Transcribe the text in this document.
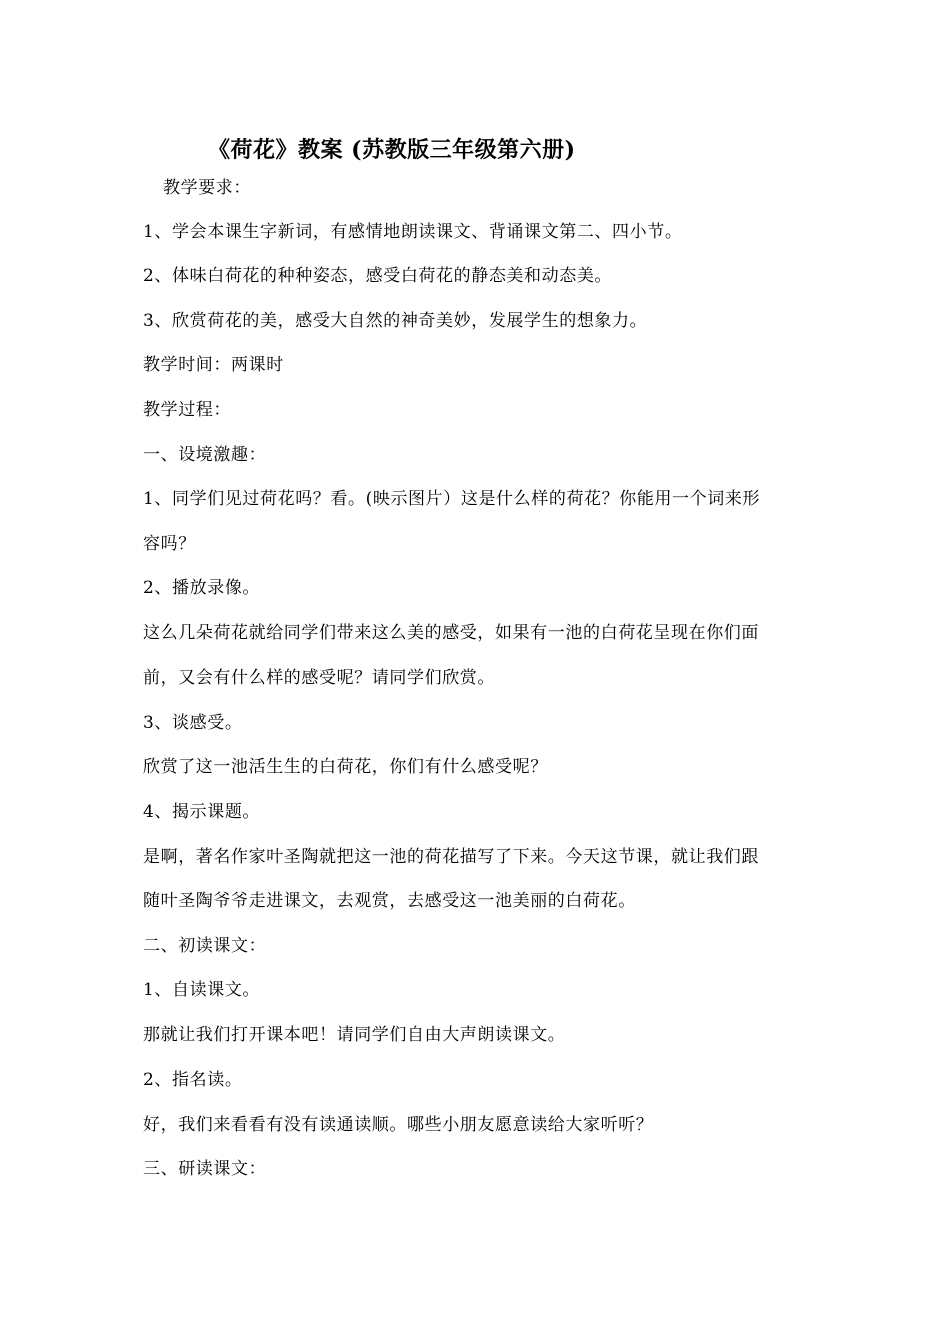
《荷花》教案 (苏教版三年级第六册)
教学要求：
1、学会本课生字新词，有感情地朗读课文、背诵课文第二、四小节。
2、体味白荷花的种种姿态，感受白荷花的静态美和动态美。
3、欣赏荷花的美，感受大自然的神奇美妙，发展学生的想象力。
教学时间：两课时
教学过程：
一、设境激趣：
1、同学们见过荷花吗？看。(映示图片）这是什么样的荷花？你能用一个词来形
容吗？
2、播放录像。
这么几朵荷花就给同学们带来这么美的感受，如果有一池的白荷花呈现在你们面
前，又会有什么样的感受呢？请同学们欣赏。
3、谈感受。
欣赏了这一池活生生的白荷花，你们有什么感受呢？
4、揭示课题。
是啊，著名作家叶圣陶就把这一池的荷花描写了下来。今天这节课，就让我们跟
随叶圣陶爷爷走进课文，去观赏，去感受这一池美丽的白荷花。
二、初读课文：
1、自读课文。
那就让我们打开课本吧！请同学们自由大声朗读课文。
2、指名读。
好，我们来看看有没有读通读顺。哪些小朋友愿意读给大家听听？
三、研读课文：
